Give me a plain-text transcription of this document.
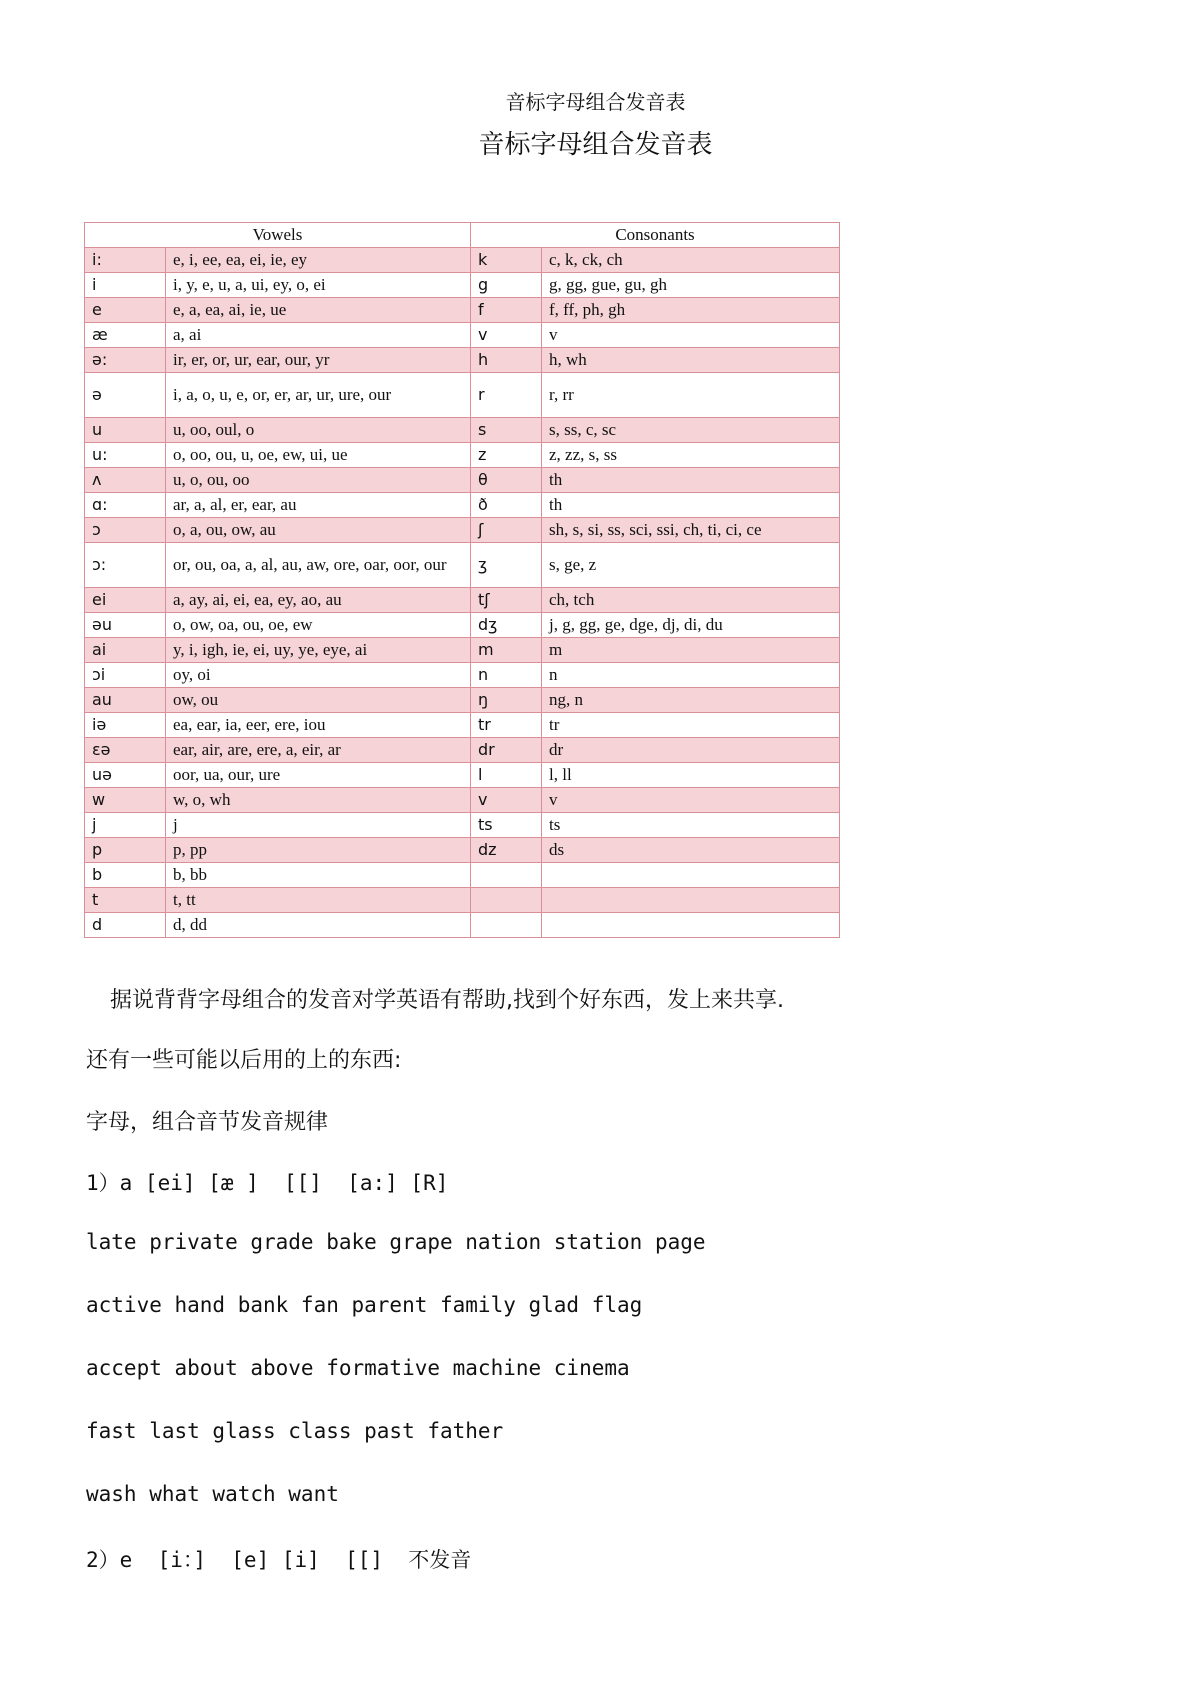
音标字母组合发音表
音标字母组合发音表
Vowels		Consonants	
i:	e, i, ee, ea, ei, ie, ey	k	c, k, ck, ch
i	i, y, e, u, a, ui, ey, o, ei	g	g, gg, gue, gu, gh
e	e, a, ea, ai, ie, ue	f	f, ff, ph, gh
æ	a, ai	v	v
ə:	ir, er, or, ur, ear, our, yr	h	h, wh
ə	i, a, o, u, e, or, er, ar, ur, ure, our	r	r, rr
u	u, oo, oul, o	s	s, ss, c, sc
u:	o, oo, ou, u, oe, ew, ui, ue	z	z, zz, s, ss
ʌ	u, o, ou, oo	θ	th
ɑ:	ar, a, al, er, ear, au	ð	th
ɔ	o, a, ou, ow, au	ʃ	sh, s, si, ss, sci, ssi, ch, ti, ci, ce
ɔ:	or, ou, oa, a, al, au, aw, ore, oar, oor, our	ʒ	s, ge, z
ei	a, ay, ai, ei, ea, ey, ao, au	tʃ	ch, tch
əu	o, ow, oa, ou, oe, ew	dʒ	j, g, gg, ge, dge, dj, di, du
ai	y, i, igh, ie, ei, uy, ye, eye, ai	m	m
ɔi	oy, oi	n	n
au	ow, ou	ŋ	ng, n
iə	ea, ear, ia, eer, ere, iou	tr	tr
ɛə	ear, air, are, ere, a, eir, ar	dr	dr
uə	oor, ua, our, ure	l	l, ll
w	w, o, wh	v	v
j	j	ts	ts
p	p, pp	dz	ds
b	b, bb		
t	t, tt		
d	d, dd		
据说背背字母组合的发音对学英语有帮助,找到个好东西，发上来共享.
还有一些可能以后用的上的东西:
字母，组合音节发音规律
1）a [ei] [æ ]  [[]  [a:] [R]
late private grade bake grape nation station page
active hand bank fan parent family glad flag
accept about above formative machine cinema
fast last glass class past father
wash what watch want
2）e  [i：]  [e] [i]  [[]  不发音
